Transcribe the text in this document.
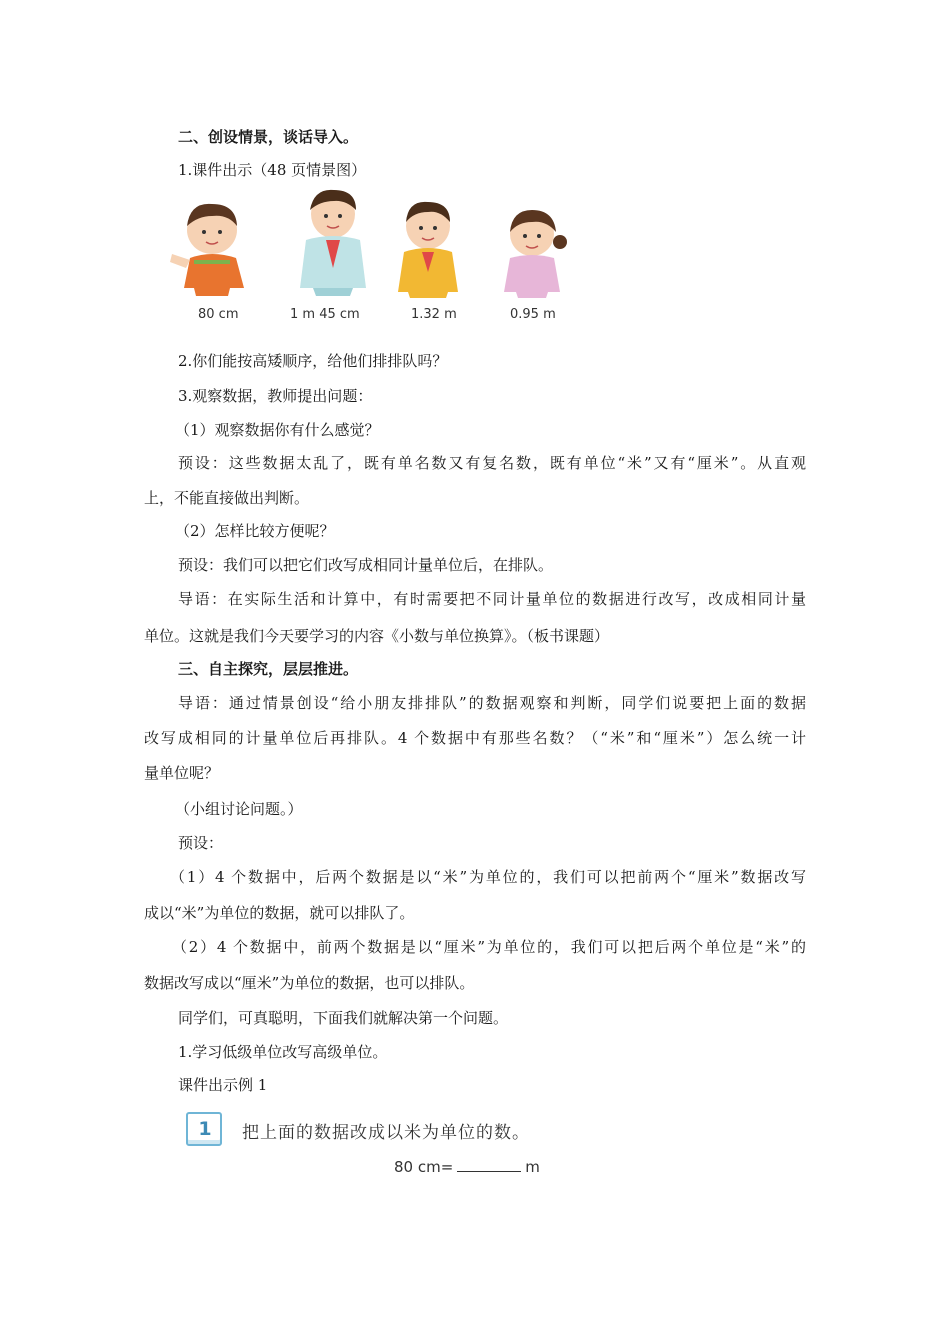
二、创设情景，谈话导入。
1.课件出示（48 页情景图）
80 cm	1 m 45 cm	1.32 m	0.95 m
2.你们能按高矮顺序，给他们排排队吗？
3.观察数据，教师提出问题：
（1）观察数据你有什么感觉？
预设：这些数据太乱了，既有单名数又有复名数，既有单位“米”又有“厘米”。从直观
上，不能直接做出判断。
（2）怎样比较方便呢？
预设：我们可以把它们改写成相同计量单位后，在排队。
导语：在实际生活和计算中，有时需要把不同计量单位的数据进行改写，改成相同计量
单位。这就是我们今天要学习的内容《小数与单位换算》。（板书课题）
三、自主探究，层层推进。
导语：通过情景创设“给小朋友排排队”的数据观察和判断，同学们说要把上面的数据
改写成相同的计量单位后再排队。4 个数据中有那些名数？（“米”和“厘米”）怎么统一计
量单位呢？
（小组讨论问题。）
预设：
（1）4 个数据中，后两个数据是以“米”为单位的，我们可以把前两个“厘米”数据改写
成以“米”为单位的数据，就可以排队了。
（2）4 个数据中，前两个数据是以“厘米”为单位的，我们可以把后两个单位是“米”的
数据改写成以“厘米”为单位的数据，也可以排队。
同学们，可真聪明，下面我们就解决第一个问题。
1.学习低级单位改写高级单位。
课件出示例 1
1	把上面的数据改成以米为单位的数。
80 cm=	m
